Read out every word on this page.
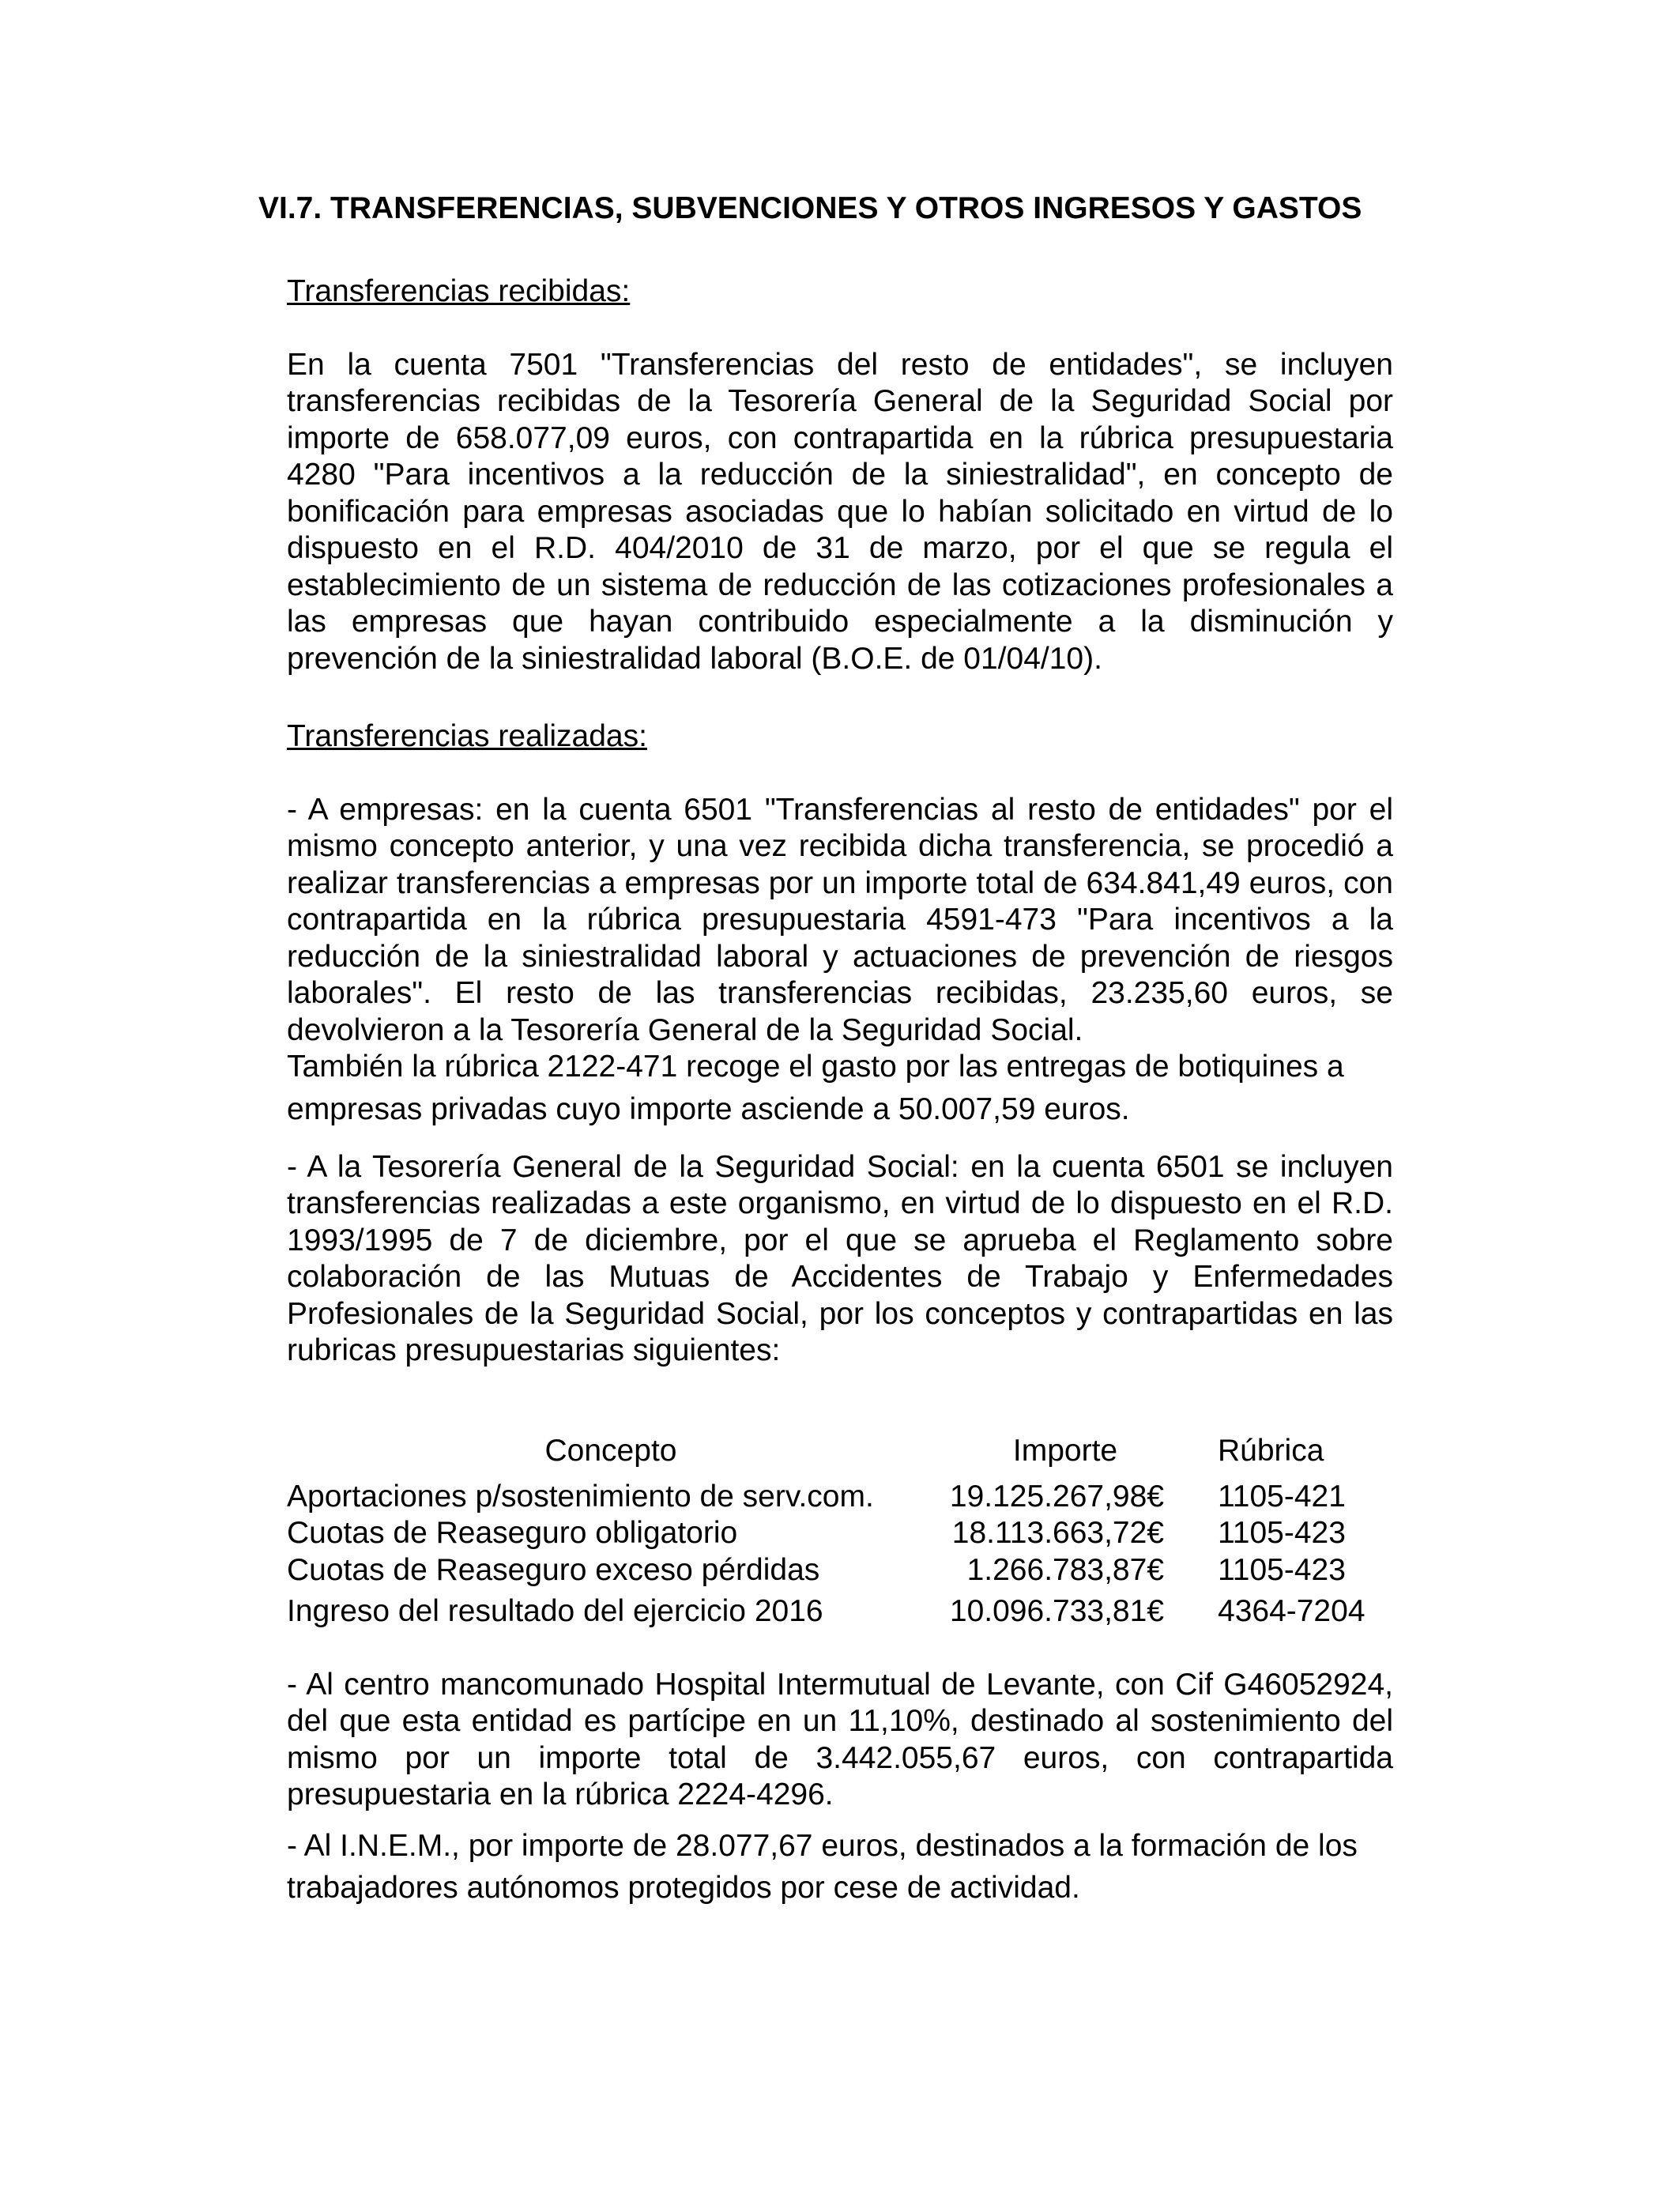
VI.7. TRANSFERENCIAS, SUBVENCIONES Y OTROS INGRESOS Y GASTOS

Transferencias recibidas:

En la cuenta 7501 "Transferencias del resto de entidades", se incluyen transferencias recibidas de la Tesorería General de la Seguridad Social por importe de 658.077,09 euros, con contrapartida en la rúbrica presupuestaria 4280 "Para incentivos a la reducción de la siniestralidad", en concepto de bonificación para empresas asociadas que lo habían solicitado en virtud de lo dispuesto en el R.D. 404/2010 de 31 de marzo, por el que se regula el establecimiento de un sistema de reducción de las cotizaciones profesionales a las empresas que hayan contribuido especialmente a la disminución y prevención de la siniestralidad laboral (B.O.E. de 01/04/10).

Transferencias realizadas:

- A empresas: en la cuenta 6501 "Transferencias al resto de entidades" por el mismo concepto anterior, y una vez recibida dicha transferencia, se procedió a realizar transferencias a empresas por un importe total de 634.841,49 euros, con contrapartida en la rúbrica presupuestaria 4591-473 "Para incentivos a la reducción de la siniestralidad laboral y actuaciones de prevención de riesgos laborales". El resto de las transferencias recibidas, 23.235,60 euros, se devolvieron a la Tesorería General de la Seguridad Social.

También la rúbrica 2122-471 recoge el gasto por las entregas de botiquines a

empresas privadas cuyo importe asciende a 50.007,59 euros.

- A la Tesorería General de la Seguridad Social: en la cuenta 6501 se incluyen transferencias realizadas a este organismo, en virtud de lo dispuesto en el R.D. 1993/1995 de 7 de diciembre, por el que se aprueba el Reglamento sobre colaboración de las Mutuas de Accidentes de Trabajo y Enfermedades Profesionales de la Seguridad Social, por los conceptos y contrapartidas en las rubricas presupuestarias siguientes:

Concepto	Importe	Rúbrica
Aportaciones p/sostenimiento de serv.com.	19.125.267,98€	1105-421
Cuotas de Reaseguro obligatorio	18.113.663,72€	1105-423
Cuotas de Reaseguro exceso pérdidas	1.266.783,87€	1105-423
Ingreso del resultado del ejercicio 2016	10.096.733,81€	4364-7204

- Al centro mancomunado Hospital Intermutual de Levante, con Cif G46052924, del que esta entidad es partícipe en un 11,10%, destinado al sostenimiento del mismo por un importe total de 3.442.055,67 euros, con contrapartida presupuestaria en la rúbrica 2224-4296.

- Al I.N.E.M., por importe de 28.077,67 euros, destinados a la formación de los

trabajadores autónomos protegidos por cese de actividad.
